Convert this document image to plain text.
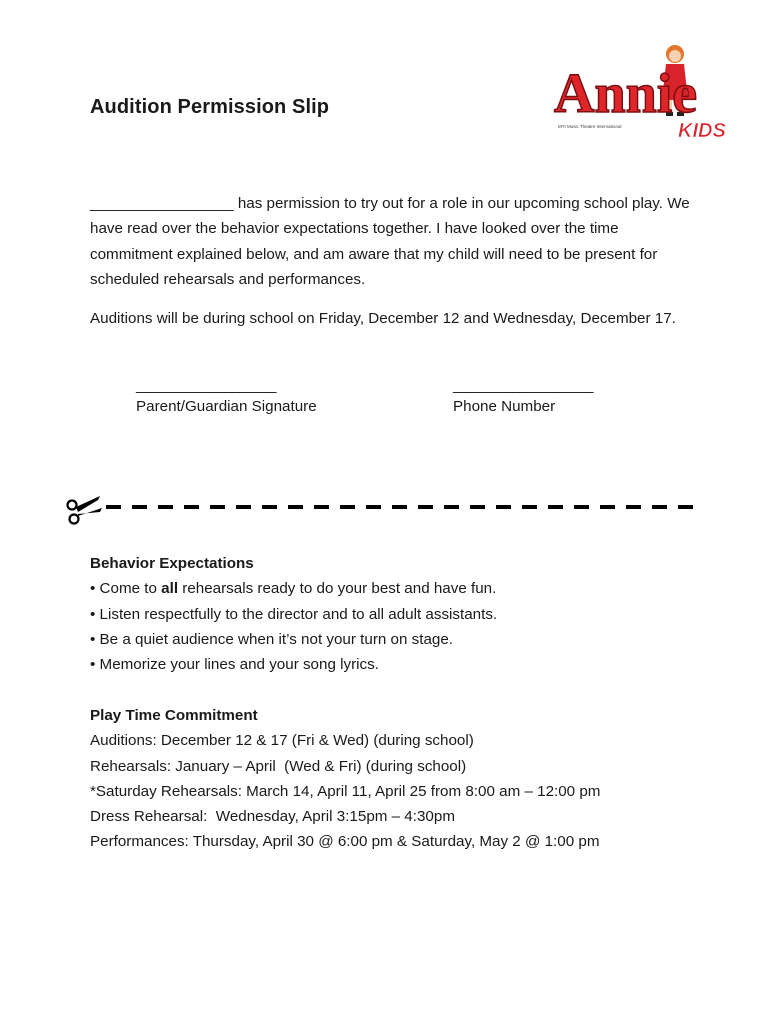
Audition Permission Slip	Annie
KIDS
MTI Music Theatre International
_________________ has permission to try out for a role in our upcoming school play. We have read over the behavior expectations together. I have looked over the time commitment explained below, and am aware that my child will need to be present for scheduled rehearsals and performances.
Auditions will be during school on Friday, December 12 and Wednesday, December 17.
___________________
Parent/Guardian Signature
___________________
Phone Number
Behavior Expectations
• Come to all rehearsals ready to do your best and have fun.
• Listen respectfully to the director and to all adult assistants.
• Be a quiet audience when it’s not your turn on stage.
• Memorize your lines and your song lyrics.
Play Time Commitment
Auditions: December 12 & 17 (Fri & Wed) (during school)
Rehearsals: January – April  (Wed & Fri) (during school)
*Saturday Rehearsals: March 14, April 11, April 25 from 8:00 am – 12:00 pm
Dress Rehearsal:  Wednesday, April 3:15pm – 4:30pm
Performances: Thursday, April 30 @ 6:00 pm & Saturday, May 2 @ 1:00 pm
